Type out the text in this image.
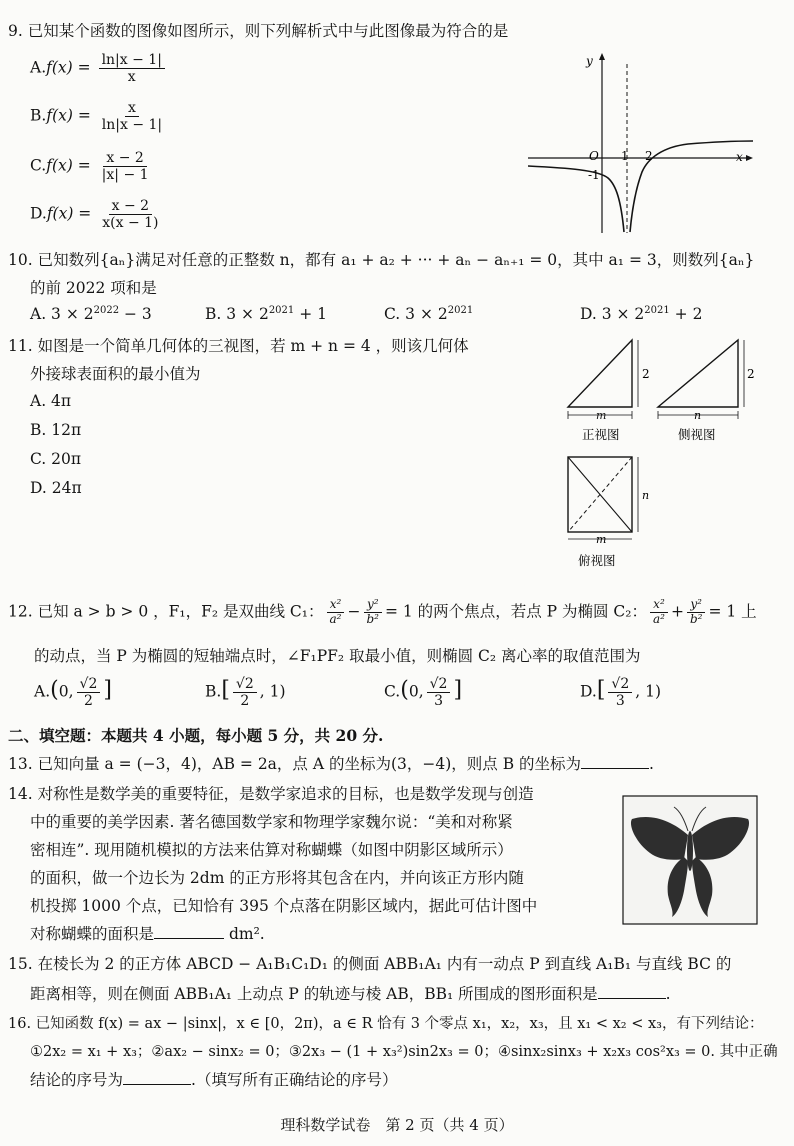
9. 已知某个函数的图像如图所示，则下列解析式中与此图像最为符合的是
$A.f(x) = \frac{\ln|x - 1|}{x}$
$B.f(x) = \frac{x}{\ln|x - 1|}$
$C.f(x) = \frac{x - 2}{|x| - 1}$
$D.f(x) = \frac{x - 2}{x(x - 1)}$
y
x
O 1 2
-1
10. 已知数列{aₙ}满足对任意的正整数 n，都有 a₁ + a₂ + ··· + aₙ − aₙ₊₁ = 0，其中 a₁ = 3，则数列{aₙ}
的前 2022 项和是
A. $3 \times 2^{2022} - 3$	B. $3 \times 2^{2021} + 1$	C. $3 \times 2^{2021}$	D. $3 \times 2^{2021} + 2$
11. 如图是一个简单几何体的三视图，若 m + n = 4 ，则该几何体
外接球表面积的最小值为
A. 4π
B. 12π
C. 20π
D. 24π
m
2
正视图
n
2
侧视图
n
m
俯视图
12. 已知 a > b > 0 ，F₁，F₂ 是双曲线 C₁： $\frac{\text{x²}}{\text{a²}} - \frac{\text{y²}}{\text{b²}} = 1$ 的两个焦点，若点 P 为椭圆 C₂： $\frac{\text{x²}}{\text{a²}} + \frac{\text{y²}}{\text{b²}} = 1$ 上
的动点，当 P 为椭圆的短轴端点时，∠F₁PF₂ 取最小值，则椭圆 C₂ 离心率的取值范围为
A.(0, $\frac{√2}{2}$ ]	$B.[ \frac{√2}{2}$ , 1)	C.(0, $\frac{√2}{3}$ ]	$D.[ \frac{√2}{3}$ , 1)
二、填空题：本题共 4 小题，每小题 5 分，共 20 分.
13. 已知向量 a = (−3，4)，AB = 2a，点 A 的坐标为(3，−4)，则点 B 的坐标为	.
14. 对称性是数学美的重要特征，是数学家追求的目标，也是数学发现与创造
中的重要的美学因素. 著名德国数学家和物理学家魏尔说：“美和对称紧
密相连”. 现用随机模拟的方法来估算对称蝴蝶（如图中阴影区域所示）
的面积，做一个边长为 2dm 的正方形将其包含在内，并向该正方形内随
机投掷 1000 个点，已知恰有 395 个点落在阴影区域内，据此可估计图中
对称蝴蝶的面积是	dm².
15. 在棱长为 2 的正方体 ABCD − A₁B₁C₁D₁ 的侧面 ABB₁A₁ 内有一动点 P 到直线 A₁B₁ 与直线 BC 的
距离相等，则在侧面 ABB₁A₁ 上动点 P 的轨迹与棱 AB，BB₁ 所围成的图形面积是	.
16. 已知函数 f(x) = ax − |sinx|，x ∈ [0，2π)，a ∈ R 恰有 3 个零点 x₁，x₂，x₃，且 x₁ < x₂ < x₃，有下列结论：
①2x₂ = x₁ + x₃；②ax₂ − sinx₂ = 0；③2x₃ − (1 + x₃²)sin2x₃ = 0；④sinx₂sinx₃ + x₂x₃ cos²x₃ = 0. 其中正确
结论的序号为	.（填写所有正确结论的序号）
理科数学试卷　第 2 页（共 4 页）
